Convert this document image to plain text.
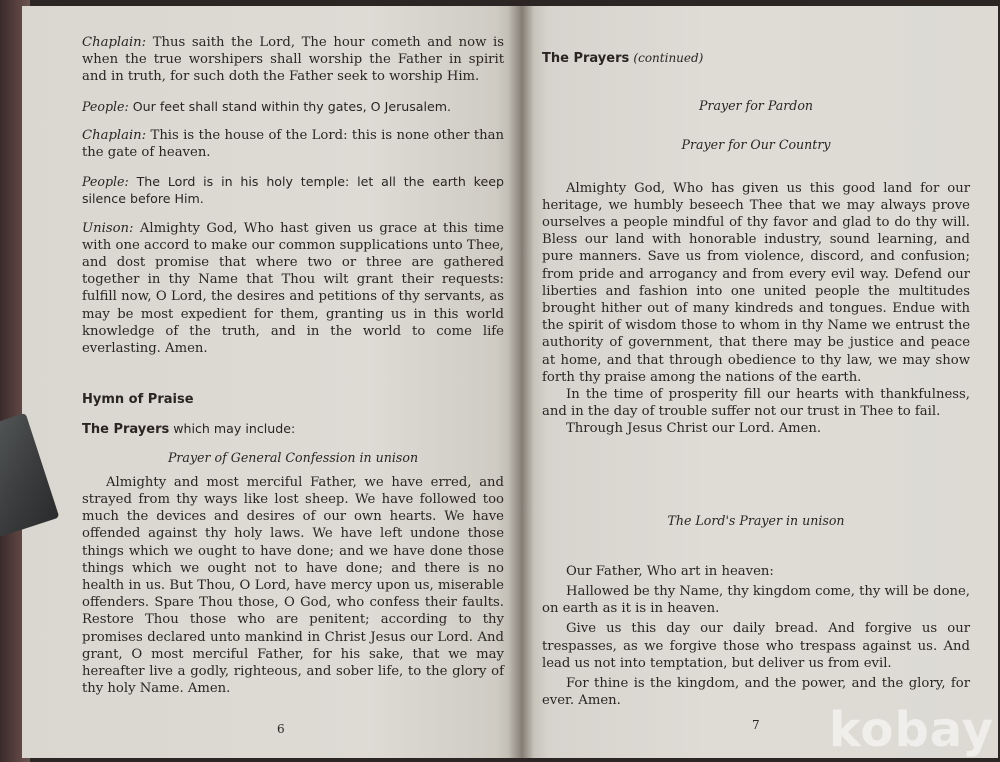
Chaplain: Thus saith the Lord, The hour cometh and now is when the true worshipers shall worship the Father in spirit and in truth, for such doth the Father seek to worship Him.

People: Our feet shall stand within thy gates, O Jerusalem.

Chaplain: This is the house of the Lord: this is none other than the gate of heaven.

People: The Lord is in his holy temple: let all the earth keep silence before Him.

Unison: Almighty God, Who hast given us grace at this time with one accord to make our common supplications unto Thee, and dost promise that where two or three are gathered together in thy Name that Thou wilt grant their requests: fulfill now, O Lord, the desires and petitions of thy servants, as may be most expedient for them, granting us in this world knowledge of the truth, and in the world to come life everlasting. Amen.

Hymn of Praise

The Prayers which may include:

Prayer of General Confession in unison

Almighty and most merciful Father, we have erred, and strayed from thy ways like lost sheep. We have followed too much the devices and desires of our own hearts. We have offended against thy holy laws. We have left undone those things which we ought to have done; and we have done those things which we ought not to have done; and there is no health in us. But Thou, O Lord, have mercy upon us, miserable offenders. Spare Thou those, O God, who confess their faults. Restore Thou those who are penitent; according to thy promises declared unto mankind in Christ Jesus our Lord. And grant, O most merciful Father, for his sake, that we may hereafter live a godly, righteous, and sober life, to the glory of thy holy Name. Amen.

6

The Prayers (continued)

Prayer for Pardon

Prayer for Our Country

Almighty God, Who has given us this good land for our heritage, we humbly beseech Thee that we may always prove ourselves a people mindful of thy favor and glad to do thy will. Bless our land with honorable industry, sound learning, and pure manners. Save us from violence, discord, and confusion; from pride and arrogancy and from every evil way. Defend our liberties and fashion into one united people the multitudes brought hither out of many kindreds and tongues. Endue with the spirit of wisdom those to whom in thy Name we entrust the authority of government, that there may be justice and peace at home, and that through obedience to thy law, we may show forth thy praise among the nations of the earth.

In the time of prosperity fill our hearts with thankfulness, and in the day of trouble suffer not our trust in Thee to fail.

Through Jesus Christ our Lord. Amen.

The Lord's Prayer in unison

Our Father, Who art in heaven:

Hallowed be thy Name, thy kingdom come, thy will be done, on earth as it is in heaven.

Give us this day our daily bread. And forgive us our trespasses, as we forgive those who trespass against us. And lead us not into temptation, but deliver us from evil.

For thine is the kingdom, and the power, and the glory, for ever. Amen.

7 kobay
